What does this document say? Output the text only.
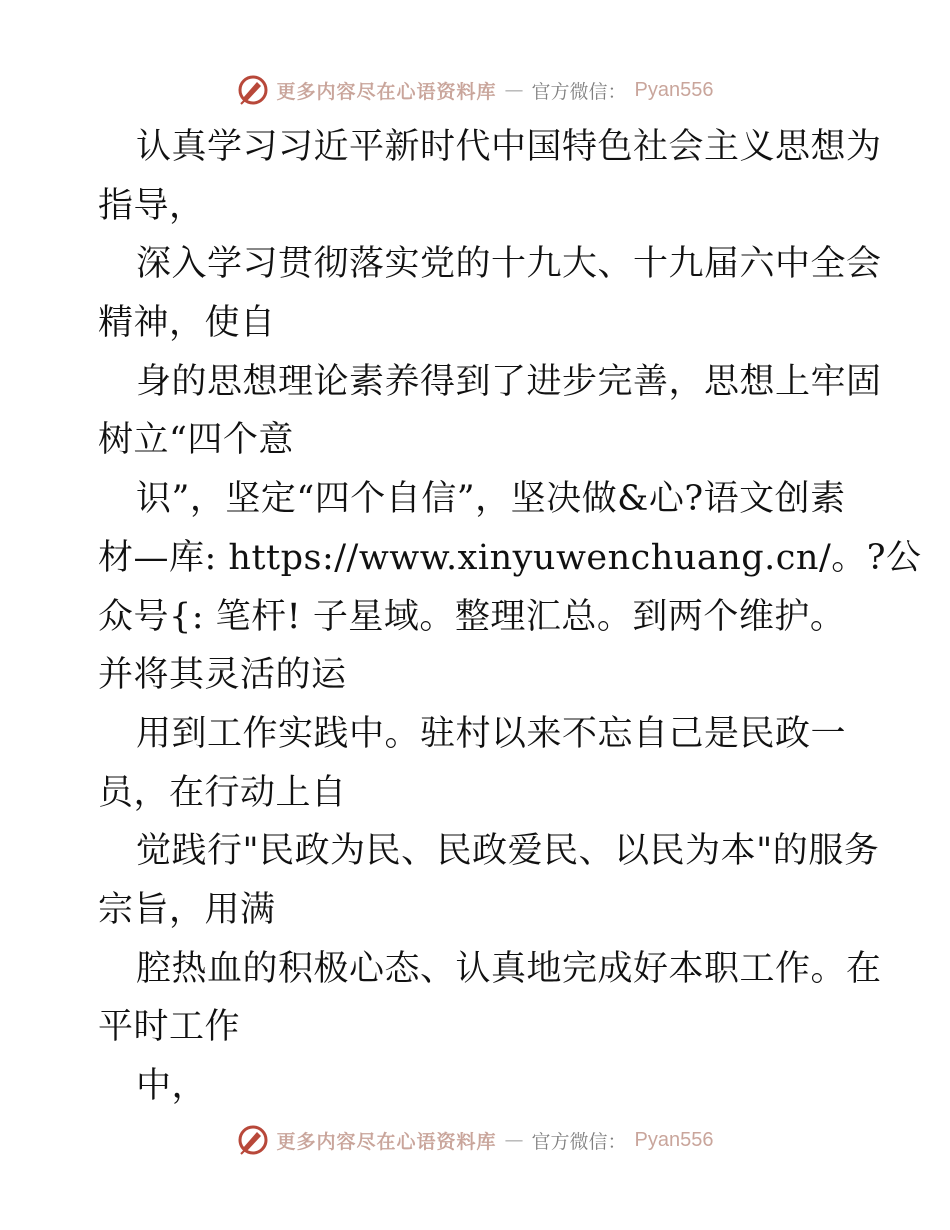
更多内容尽在心语资料库 — 官方微信： Pyan556
认真学习习近平新时代中国特色社会主义思想为
指导，
深入学习贯彻落实党的十九大、十九届六中全会
精神，使自
身的思想理论素养得到了进步完善，思想上牢固
树立“四个意
识”，坚定“四个自信”，坚决做&心?语文创素
材—库: https://www.xinyuwenchuang.cn/。?公
众号{: 笔杆! 子星域。整理汇总。到两个维护。
并将其灵活的运
用到工作实践中。驻村以来不忘自己是民政一
员，在行动上自
觉践行"民政为民、民政爱民、以民为本"的服务
宗旨，用满
腔热血的积极心态、认真地完成好本职工作。在
平时工作
中，
更多内容尽在心语资料库 — 官方微信： Pyan556
